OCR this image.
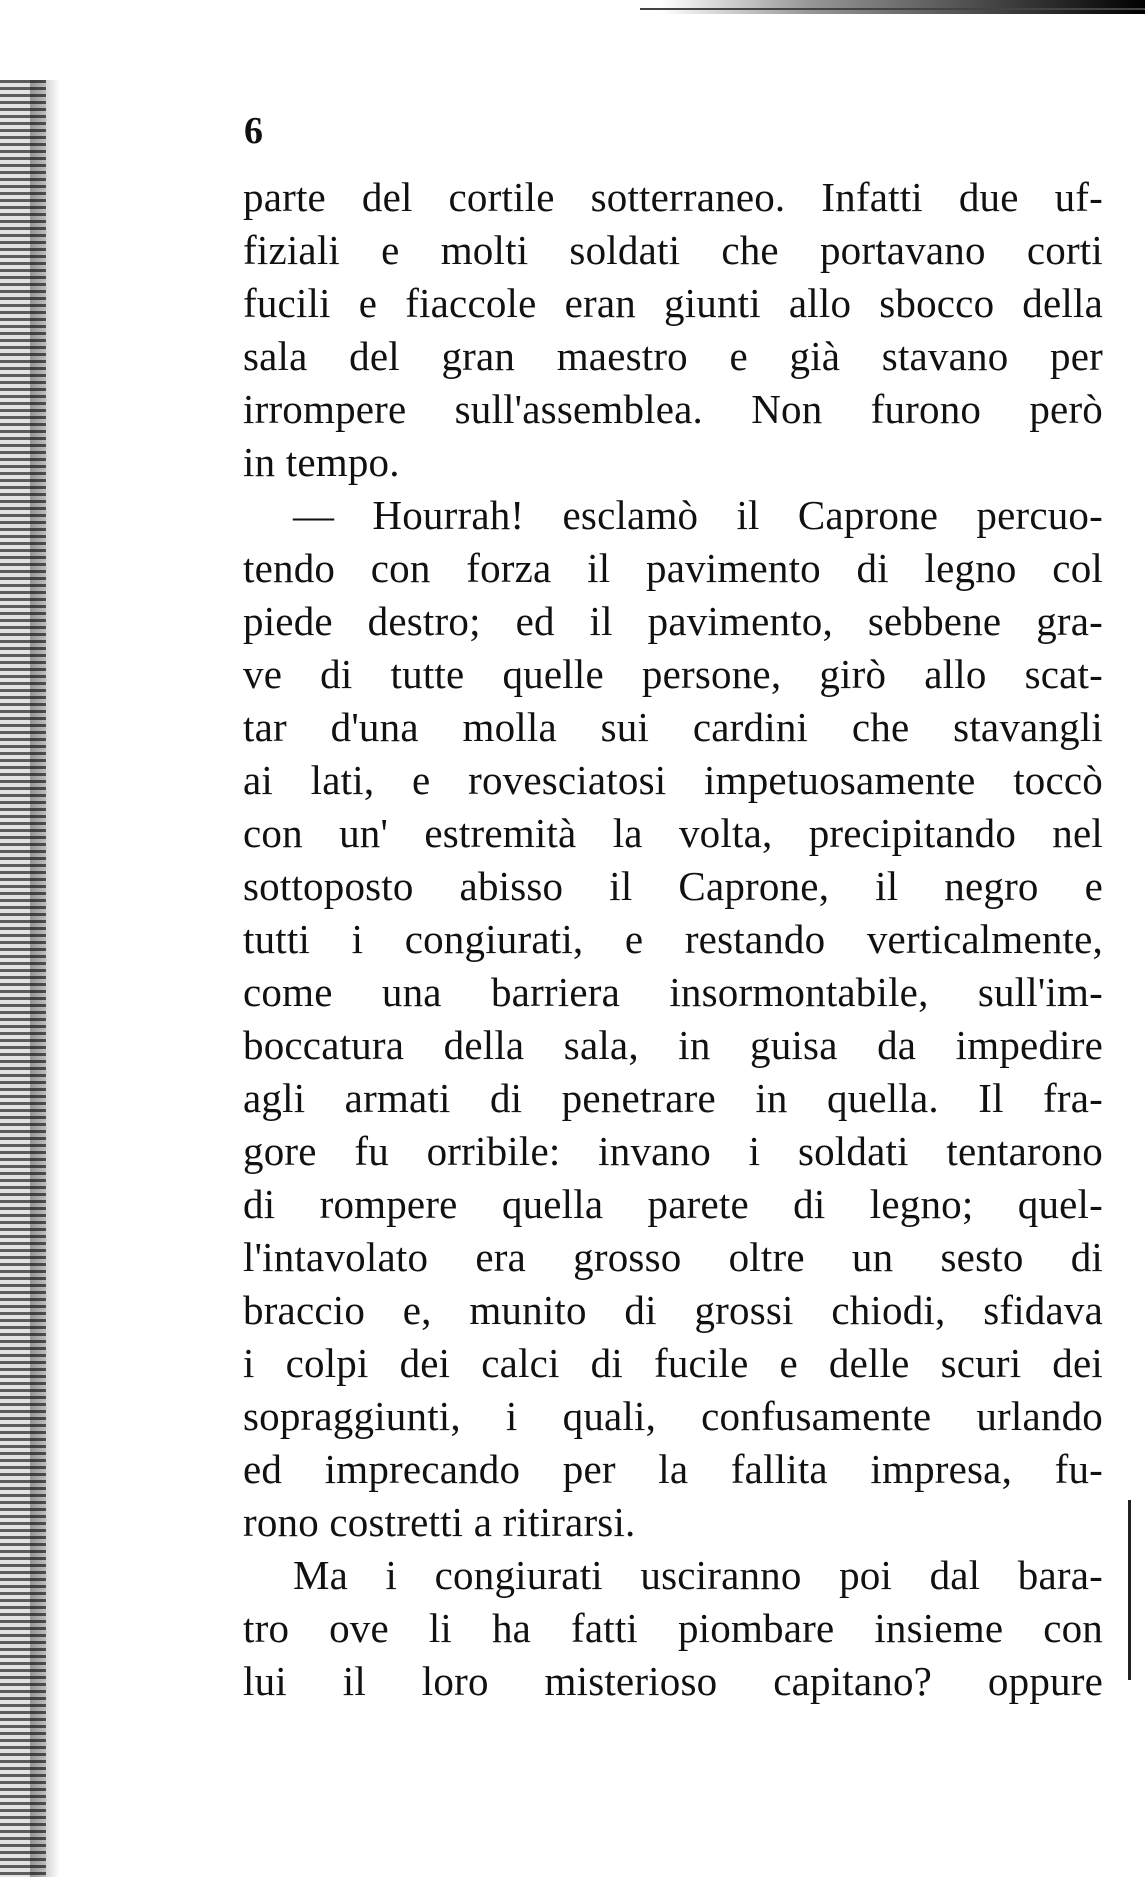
6
parte del cortile sotterraneo. Infatti due uf-
fiziali e molti soldati che portavano corti
fucili e fiaccole eran giunti allo sbocco della
sala del gran maestro e già stavano per
irrompere sull'assemblea. Non furono però
in tempo.
— Hourrah! esclamò il Caprone percuo-
tendo con forza il pavimento di legno col
piede destro; ed il pavimento, sebbene gra-
ve di tutte quelle persone, girò allo scat-
tar d'una molla sui cardini che stavangli
ai lati, e rovesciatosi impetuosamente toccò
con un' estremità la volta, precipitando nel
sottoposto abisso il Caprone, il negro e
tutti i congiurati, e restando verticalmente,
come una barriera insormontabile, sull'im-
boccatura della sala, in guisa da impedire
agli armati di penetrare in quella. Il fra-
gore fu orribile: invano i soldati tentarono
di rompere quella parete di legno; quel-
l'intavolato era grosso oltre un sesto di
braccio e, munito di grossi chiodi, sfidava
i colpi dei calci di fucile e delle scuri dei
sopraggiunti, i quali, confusamente urlando
ed imprecando per la fallita impresa, fu-
rono costretti a ritirarsi.
Ma i congiurati usciranno poi dal bara-
tro ove li ha fatti piombare insieme con
lui il loro misterioso capitano? oppure
